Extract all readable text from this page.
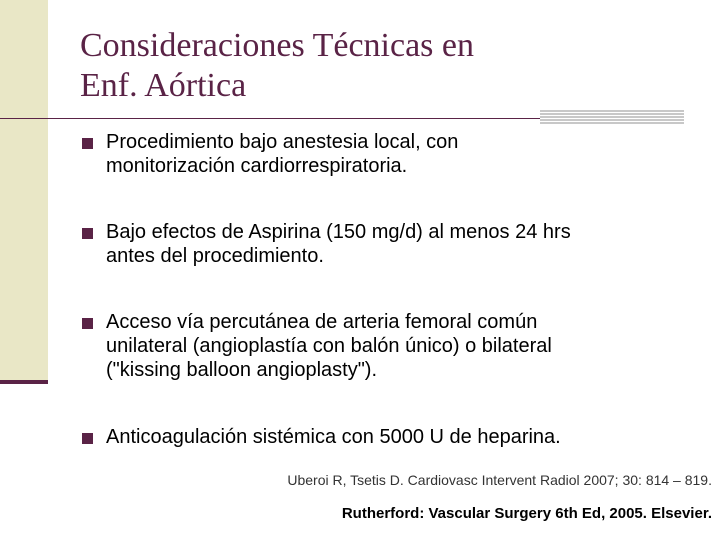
Consideraciones Técnicas en
Enf. Aórtica
Procedimiento bajo anestesia local, con
monitorización cardiorrespiratoria.
Bajo efectos de Aspirina (150 mg/d) al menos 24 hrs
antes del procedimiento.
Acceso vía percutánea de arteria femoral común
unilateral (angioplastía con balón único) o bilateral
("kissing balloon angioplasty").
Anticoagulación sistémica con 5000 U de heparina.
Uberoi R, Tsetis D. Cardiovasc Intervent Radiol 2007; 30: 814 – 819.
Rutherford: Vascular Surgery 6th Ed, 2005. Elsevier.
